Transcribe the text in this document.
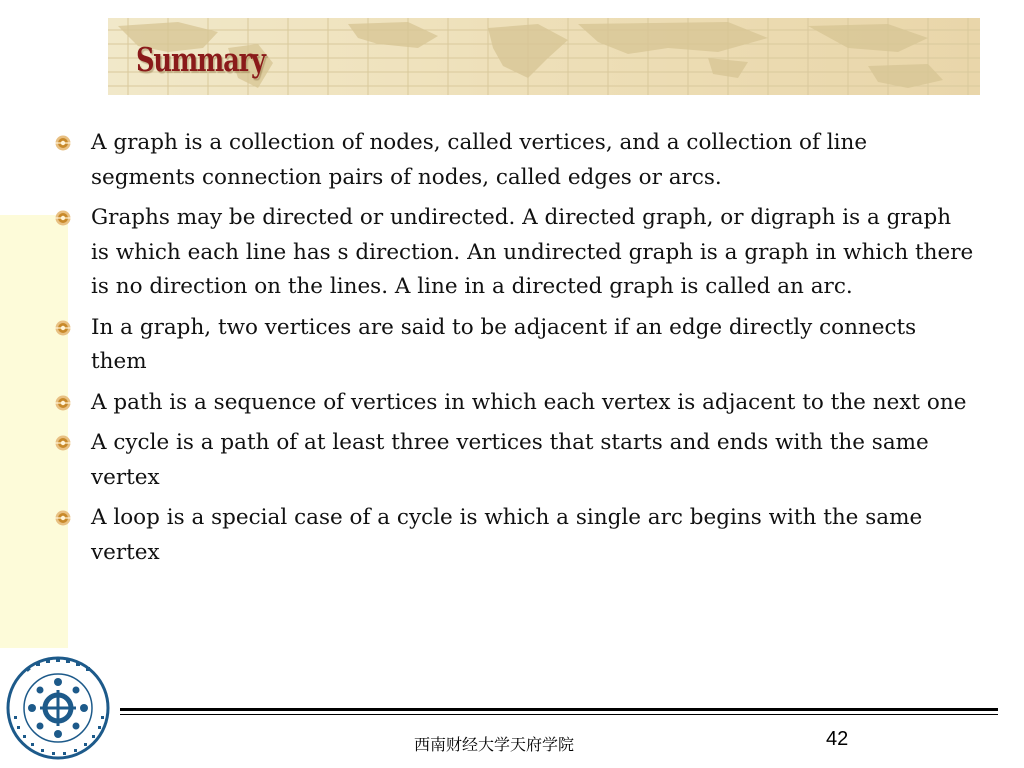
Summary
A graph is a collection of nodes, called vertices, and a collection of line segments connection pairs of nodes, called edges or arcs.
Graphs may be directed or undirected. A directed graph, or digraph is a graph is which each line has s direction. An undirected graph is a graph in which there is no direction on the lines. A line in a directed graph is called an arc.
In a graph, two vertices are said to be adjacent if an edge directly connects them
A path is a sequence of vertices in which each vertex is adjacent to the next one
A cycle is a path of at least three vertices that starts and ends with the same vertex
A loop is a special case of a cycle is which a single arc begins with the same vertex
西南财经大学天府学院	42
